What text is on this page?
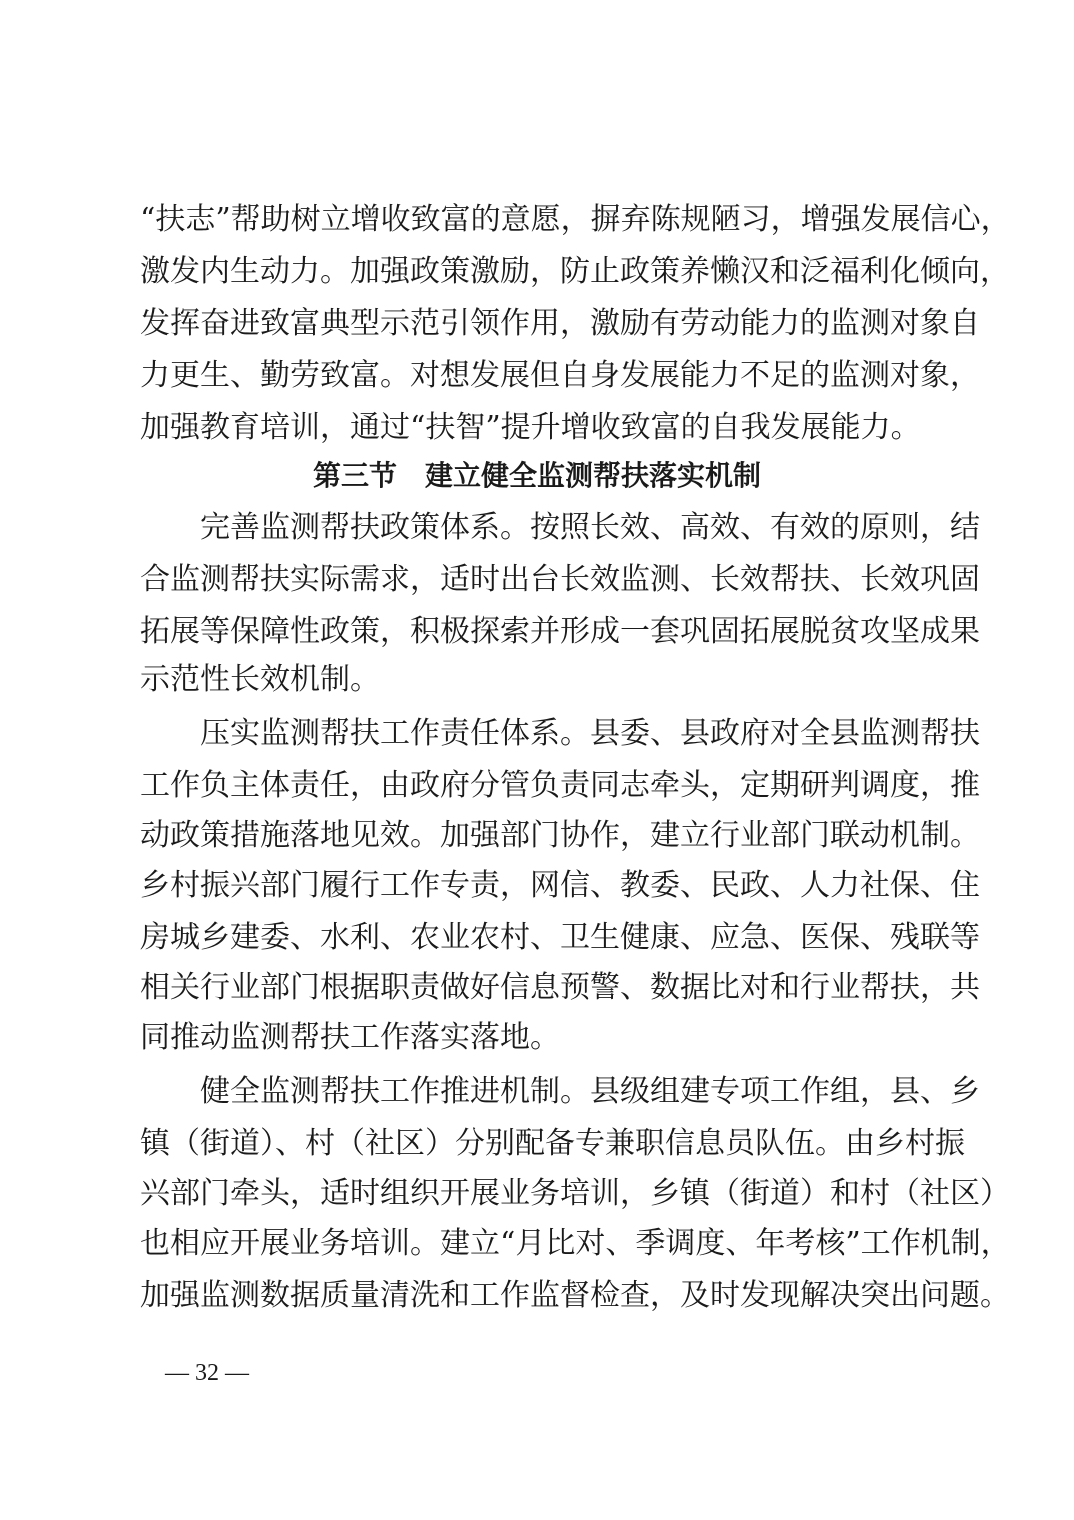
“扶志”帮助树立增收致富的意愿，摒弃陈规陋习，增强发展信心，
激发内生动力。加强政策激励，防止政策养懒汉和泛福利化倾向，
发挥奋进致富典型示范引领作用，激励有劳动能力的监测对象自
力更生、勤劳致富。对想发展但自身发展能力不足的监测对象，
加强教育培训，通过“扶智”提升增收致富的自我发展能力。
第三节　建立健全监测帮扶落实机制
完善监测帮扶政策体系。按照长效、高效、有效的原则，结
合监测帮扶实际需求，适时出台长效监测、长效帮扶、长效巩固
拓展等保障性政策，积极探索并形成一套巩固拓展脱贫攻坚成果
示范性长效机制。
压实监测帮扶工作责任体系。县委、县政府对全县监测帮扶
工作负主体责任，由政府分管负责同志牵头，定期研判调度，推
动政策措施落地见效。加强部门协作，建立行业部门联动机制。
乡村振兴部门履行工作专责，网信、教委、民政、人力社保、住
房城乡建委、水利、农业农村、卫生健康、应急、医保、残联等
相关行业部门根据职责做好信息预警、数据比对和行业帮扶，共
同推动监测帮扶工作落实落地。
健全监测帮扶工作推进机制。县级组建专项工作组，县、乡
镇（街道）、村（社区）分别配备专兼职信息员队伍。由乡村振
兴部门牵头，适时组织开展业务培训，乡镇（街道）和村（社区）
也相应开展业务培训。建立“月比对、季调度、年考核”工作机制，
加强监测数据质量清洗和工作监督检查，及时发现解决突出问题。
— 32 —
